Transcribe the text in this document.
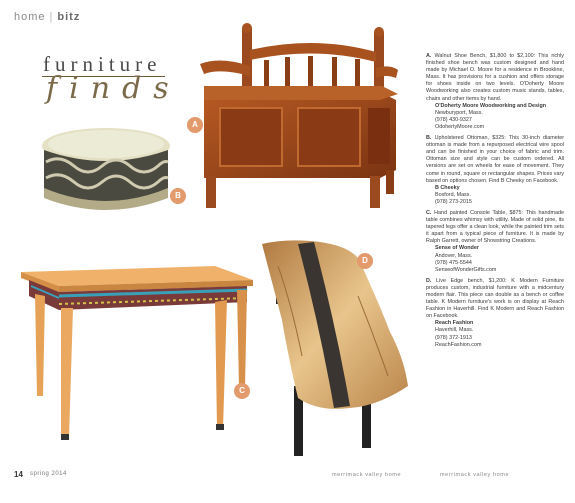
home | bitz
furniture
finds
A
B
C
D

A. Walnut Shoe Bench, $1,800 to $2,100: This richly finished shoe bench was custom designed and hand made by Michael O. Moore for a residence in Brookline, Mass. It has provisions for a cushion and offers storage for shoes inside on two levels. O'Doherty Moore Woodworking also creates custom music stands, tables, chairs and other items by hand.

O'Doherty Moore Woodworking and Design
Newburyport, Mass.
(978) 430-9327
OdohertyMoore.com

B. Upholstered Ottoman, $325: This 30-inch diameter ottoman is made from a repurposed electrical wire spool and can be finished in your choice of fabric and trim. Ottoman size and style can be custom ordered. All versions are set on wheels for ease of movement. They come in round, square or rectangular shapes. Prices vary based on options chosen. Find B Cheeky on Facebook.

B Cheeky
Boxford, Mass.
(978) 273-2015

C. Hand painted Console Table, $875: This handmade table combines whimsy with utility. Made of solid pine, its tapered legs offer a clean look, while the painted trim sets it apart from a typical piece of furniture. It is made by Ralph Garrett, owner of Showstring Creations.

Sense of Wonder
Andover, Mass.
(978) 475-5544
SenseofWonderGifts.com

D. Live Edge bench, $1,200: K Modern Furniture produces custom, industrial furniture with a midcentury modern flair. This piece can double as a bench or coffee table. K Modern furniture's work is on display at Reach Fashion in Haverhill. Find K Modern and Reach Fashion on Facebook.

Reach Fashion
Haverhill, Mass.
(978) 372-1913
ReachFashion.com
14 spring 2014	merrimack valley home	merrimack valley home
